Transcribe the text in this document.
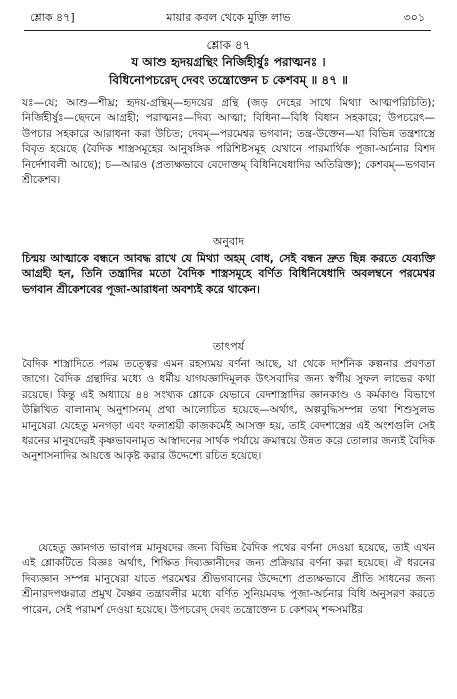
শ্লোক ৪৭]	মায়ার কবল থেকে মুক্তি লাভ	৩০১
শ্লোক ৪৭
য আশু হৃদয়গ্রন্থিং নির্জিহীর্ষুঃ পরাত্মনঃ ।
বিধিনোপচরেদ্ দেবং তন্ত্রোক্তেন চ কেশবম্ ॥ ৪৭ ॥
যঃ—যে; আশু—শীঘ্র; হৃদয়-গ্রন্থিম্—হৃদয়ের গ্রন্থি (জড় দেহের সাথে মিথ্যা আত্মপরিচিতি); নির্জিহীর্ষুঃ—ছেদনে আগ্রহী; পরাত্মনঃ—দিব্য আত্মা; বিধিনা—বিধি বিধান সহকারে; উপচরেৎ—উপচার সহকারে আরাধনা করা উচিত; দেবম্—পরমেশ্বর ভগবান; তন্ত্র-উক্তেন—যা বিভিন্ন তন্ত্রশাস্ত্রে বিবৃত হয়েছে (বৈদিক শাস্ত্রসমূহের আনুষঙ্গিক পরিশিষ্টসমূহ যেখানে পারমার্থিক পূজা-অর্চনার বিশদ নির্দেশাবলী আছে); চ—আরও (প্রত্যক্ষভাবে বেদোক্তম্ বিধিনিষেধাদির অতিরিক্ত); কেশবম্—ভগবান শ্রীকেশব।
অনুবাদ
চিন্ময় আত্মাকে বন্ধনে আবদ্ধ রাখে যে মিথ্যা অহম্ বোধ, সেই বন্ধন দ্রুত ছিন্ন করতে যেব্যক্তি আগ্রহী হন, তিনি তন্ত্রাদির মতো বৈদিক শাস্ত্রসমূহে বর্ণিত বিধিনিষেধাদি অবলম্বনে পরমেশ্বর ভগবান শ্রীকেশবের পূজা-আরাধনা অবশ্যই করে থাকেন।
তাৎপর্য
বৈদিক শাস্ত্রাদিতে পরম তত্ত্বের এমন রহস্যময় বর্ণনা আছে, যা থেকে দার্শনিক কল্পনার প্রবণতা জাগে। বৈদিক গ্রন্থাদির মধ্যে ও ধর্মীয় যাগযজ্ঞাদিমূলক উৎসবাদির জন্য স্বর্গীয় সুফল লাভের কথা রয়েছে। কিন্তু এই অধ্যায়ে ৪৪ সংখ্যক শ্লোকে যেভাবে বেদশাস্ত্রাদির জ্ঞানকাণ্ড ও কর্মকাণ্ড বিভাগে উল্লিখিত বালানাম্ অনুশাসনম্ প্রথা আলোচিত হয়েছে—অর্থাৎ, অল্পবুদ্ধিসম্পন্ন তথা শিশুসুলভ মানুষেরা যেহেতু মনগড়া এবং ফলাশ্রয়ী কাজকর্মেই আসক্ত হয়, তাই বেদশাস্ত্রের এই অংশগুলি সেই ধরনের মানুষদেরই কৃষ্ণভাবনামৃত আস্বাদনের সার্থক পর্যায়ে ক্রমান্বয়ে উন্নত করে তোলার জন্যই বৈদিক অনুশাসনাদির আয়ত্তে আকৃষ্ট করার উদ্দেশ্যে রচিত হয়েছে।
যেহেতু জ্ঞানগত ভাবাপন্ন মানুষদের জন্য বিভিন্ন বৈদিক পথের বর্ণনা দেওয়া হয়েছে, তাই এখন এই শ্লোকটিতে বিজ্ঞঃ অর্থাৎ, শিক্ষিত দিব্যজ্ঞানীদের জন্য প্রক্রিয়ার বর্ণনা করা হয়েছে। ঐ ধরনের দিব্যজ্ঞান সম্পন্ন মানুষেরা যাতে পরমেশ্বর শ্রীভগবানের উদ্দেশ্যে প্রত্যক্ষভাবে প্রীতি সাধনের জন্য শ্রীনারদপঞ্চরাত্র প্রমুখ বৈষ্ণব তন্ত্রাবলীর মধ্যে বর্ণিত সুনিয়মবদ্ধ পূজা-অর্চনার বিধি অনুসরণ করতে পারেন, সেই পরামর্শ দেওয়া হয়েছে। উপচরেদ্ দেবং তন্ত্রোক্তেন চ কেশবম্ শব্দসমষ্টির
